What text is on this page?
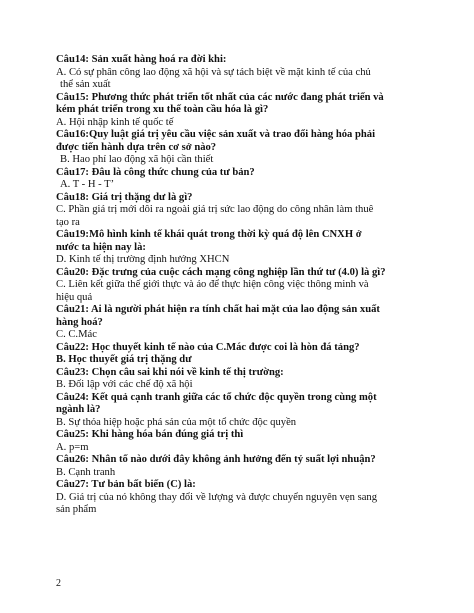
Câu14: Sản xuất hàng hoá ra đời khi:

A. Có sự phân công lao động xã hội và sự tách biệt về mặt kinh tế của chủ

thể sản xuất

Câu15: Phương thức phát triển tốt nhất của các nước đang phát triển và

kém phát triển trong xu thế toàn cầu hóa là gì?

A. Hội nhập kinh tế quốc tế

Câu16:Quy luật giá trị yêu cầu việc sản xuất và trao đổi hàng hóa phải

được tiến hành dựa trên cơ sở nào?

B. Hao phí lao động xã hội cần thiết

Câu17: Đâu là công thức chung của tư bản?

A. T - H - T’

Câu18: Giá trị thặng dư là gì?

C. Phần giá trị mới dôi ra ngoài giá trị sức lao động do công nhân làm thuê

tạo ra

Câu19:Mô hình kinh tế khái quát trong thời kỳ quá độ lên CNXH ở

nước ta hiện nay là:

D. Kinh tế thị trường định hướng XHCN

Câu20: Đặc trưng của cuộc cách mạng công nghiệp lần thứ tư (4.0) là gì?

C. Liên kết giữa thế giới thực và ảo để thực hiện công việc thông minh và

hiệu quả

Câu21: Ai là người phát hiện ra tính chất hai mặt của lao động sản xuất

hàng hoá?

C. C.Mác

Câu22: Học thuyết kinh tế nào của C.Mác được coi là hòn đá tảng?

B. Học thuyết giá trị thặng dư

Câu23: Chọn câu sai khi nói về kinh tế thị trường:

B. Đối lập với các chế độ xã hội

Câu24: Kết quả cạnh tranh giữa các tổ chức độc quyền trong cùng một

ngành là?

B. Sự thỏa hiệp hoặc phá sản của một tổ chức độc quyền

Câu25: Khi hàng hóa bán đúng giá trị thì

A. p=m

Câu26: Nhân tố nào dưới đây không ảnh hưởng đến tỷ suất lợi nhuận?

B. Cạnh tranh

Câu27: Tư bản bất biến (C) là:

D. Giá trị của nó không thay đổi về lượng và được chuyển nguyên vẹn sang

sản phẩm

2
